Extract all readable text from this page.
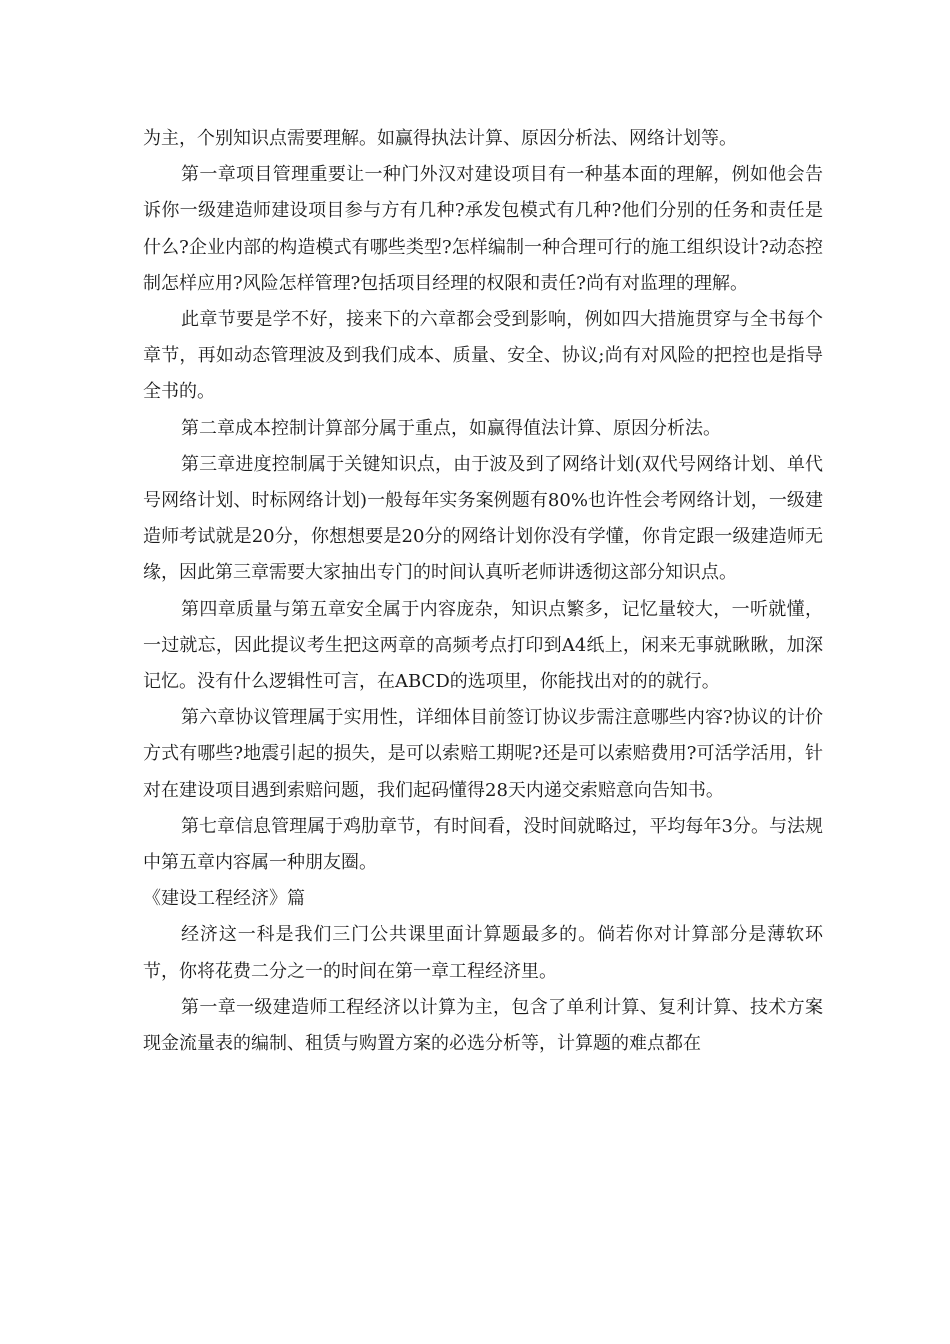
为主，个别知识点需要理解。如赢得执法计算、原因分析法、网络计划等。

第一章项目管理重要让一种门外汉对建设项目有一种基本面的理解，例如他会告诉你一级建造师建设项目参与方有几种?承发包模式有几种?他们分别的任务和责任是什么?企业内部的构造模式有哪些类型?怎样编制一种合理可行的施工组织设计?动态控制怎样应用?风险怎样管理?包括项目经理的权限和责任?尚有对监理的理解。

此章节要是学不好，接来下的六章都会受到影响，例如四大措施贯穿与全书每个章节，再如动态管理波及到我们成本、质量、安全、协议;尚有对风险的把控也是指导全书的。

第二章成本控制计算部分属于重点，如赢得值法计算、原因分析法。

第三章进度控制属于关键知识点，由于波及到了网络计划(双代号网络计划、单代号网络计划、时标网络计划)一般每年实务案例题有80%也许性会考网络计划，一级建造师考试就是20分，你想想要是20分的网络计划你没有学懂，你肯定跟一级建造师无缘，因此第三章需要大家抽出专门的时间认真听老师讲透彻这部分知识点。

第四章质量与第五章安全属于内容庞杂，知识点繁多，记忆量较大，一听就懂，一过就忘，因此提议考生把这两章的高频考点打印到A4纸上，闲来无事就瞅瞅，加深记忆。没有什么逻辑性可言，在ABCD的选项里，你能找出对的的就行。

第六章协议管理属于实用性，详细体目前签订协议步需注意哪些内容?协议的计价方式有哪些?地震引起的损失，是可以索赔工期呢?还是可以索赔费用?可活学活用，针对在建设项目遇到索赔问题，我们起码懂得28天内递交索赔意向告知书。

第七章信息管理属于鸡肋章节，有时间看，没时间就略过，平均每年3分。与法规中第五章内容属一种朋友圈。

《建设工程经济》篇

经济这一科是我们三门公共课里面计算题最多的。倘若你对计算部分是薄软环节，你将花费二分之一的时间在第一章工程经济里。

第一章一级建造师工程经济以计算为主，包含了单利计算、复利计算、技术方案现金流量表的编制、租赁与购置方案的必选分析等，计算题的难点都在
